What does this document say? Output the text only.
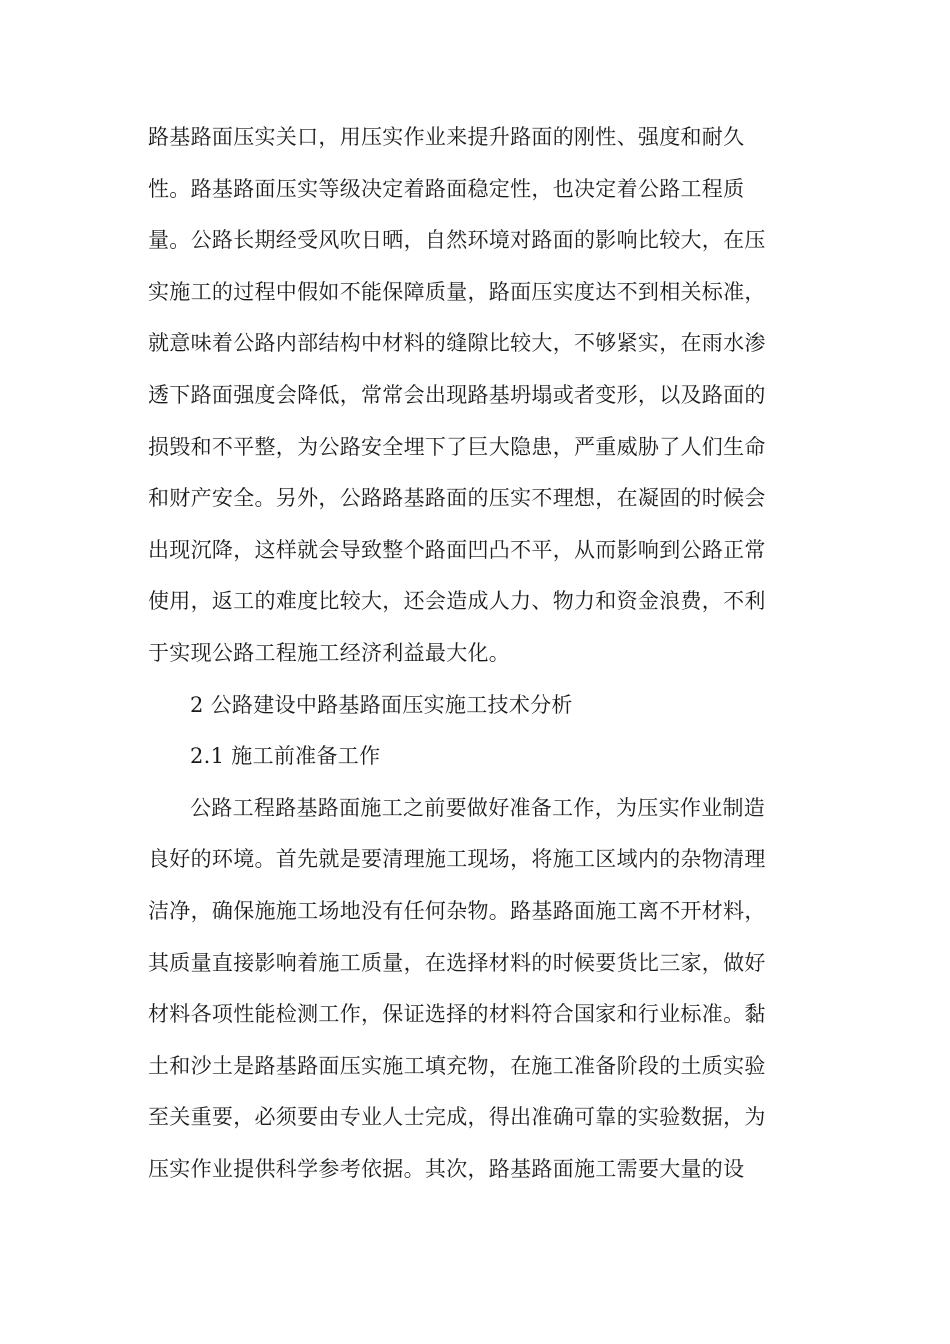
路基路面压实关口，用压实作业来提升路面的刚性、强度和耐久
性。路基路面压实等级决定着路面稳定性，也决定着公路工程质
量。公路长期经受风吹日晒，自然环境对路面的影响比较大，在压
实施工的过程中假如不能保障质量，路面压实度达不到相关标准，
就意味着公路内部结构中材料的缝隙比较大，不够紧实，在雨水渗
透下路面强度会降低，常常会出现路基坍塌或者变形，以及路面的
损毁和不平整，为公路安全埋下了巨大隐患，严重威胁了人们生命
和财产安全。另外，公路路基路面的压实不理想，在凝固的时候会
出现沉降，这样就会导致整个路面凹凸不平，从而影响到公路正常
使用，返工的难度比较大，还会造成人力、物力和资金浪费，不利
于实现公路工程施工经济利益最大化。
2 公路建设中路基路面压实施工技术分析
2.1 施工前准备工作
公路工程路基路面施工之前要做好准备工作，为压实作业制造
良好的环境。首先就是要清理施工现场，将施工区域内的杂物清理
洁净，确保施施工场地没有任何杂物。路基路面施工离不开材料，
其质量直接影响着施工质量，在选择材料的时候要货比三家，做好
材料各项性能检测工作，保证选择的材料符合国家和行业标准。黏
土和沙土是路基路面压实施工填充物，在施工准备阶段的土质实验
至关重要，必须要由专业人士完成，得出准确可靠的实验数据，为
压实作业提供科学参考依据。其次，路基路面施工需要大量的设
